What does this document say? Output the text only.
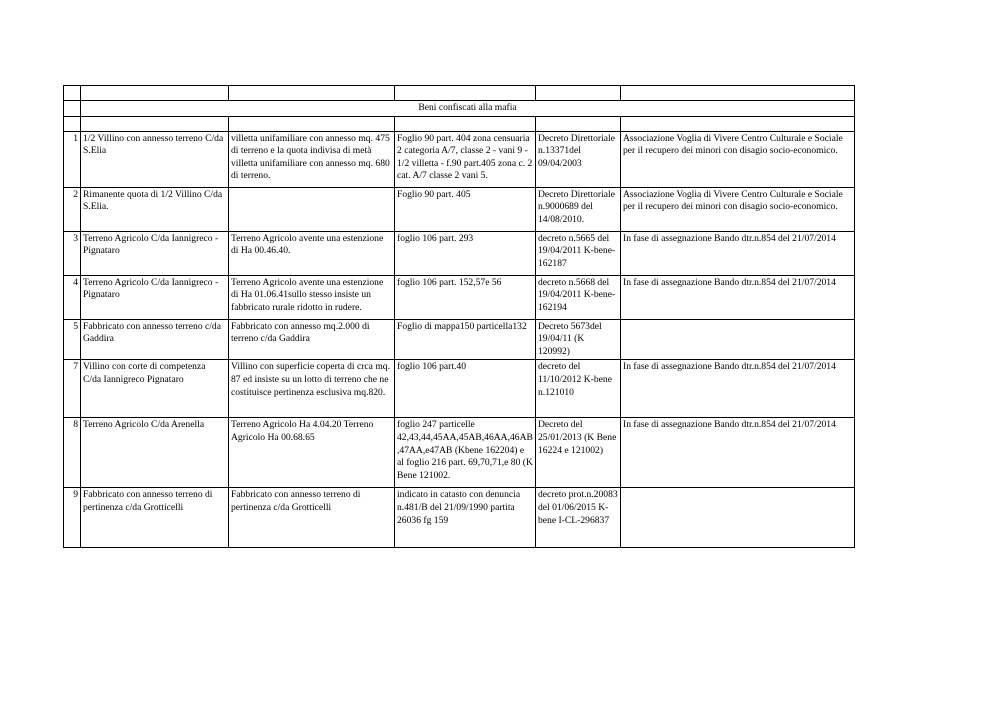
	Beni confiscati alla mafia				

1	1/2 Villino con annesso terreno C/da S.Elia	villetta unifamiliare con annesso mq. 475 di terreno e la quota indivisa di metà villetta unifamiliare con annesso mq. 680 di terreno.	Foglio 90 part. 404 zona censuaria 2 categoria A/7, classe 2 - vani 9 - 1/2 villetta - f.90 part.405 zona c. 2 cat. A/7 classe 2 vani 5.	Decreto Direttoriale n.13371del 09/04/2003	Associazione Voglia di Vivere Centro Culturale e Sociale per il recupero dei minori con disagio socio-economico.
2	Rimanente quota di 1/2 Villino C/da S.Elia.		Foglio 90 part. 405	Decreto Direttoriale n.9000689 del 14/08/2010.	Associazione Voglia di Vivere Centro Culturale e Sociale per il recupero dei minori con disagio socio-economico.
3	Terreno Agricolo C/da Iannigreco - Pignataro	Terreno Agricolo avente una estenzione di Ha 00.46.40.	foglio 106 part. 293	decreto n.5665 del 19/04/2011 K-bene-162187	In fase di assegnazione Bando dtr.n.854 del 21/07/2014
4	Terreno Agricolo C/da Iannigreco - Pignataro	Terreno Agricolo avente una estenzione di Ha 01.06.41sullo stesso insiste un fabbricato rurale ridotto in rudere.	foglio 106 part. 152,57e 56	decreto n.5668 del 19/04/2011 K-bene-162194	In fase di assegnazione Bando dtr.n.854 del 21/07/2014
5	Fabbricato con annesso terreno c/da Gaddira	Fabbricato con annesso mq.2.000 di terreno c/da Gaddira	Foglio di mappa150 particella132	Decreto 5673del 19/04/11 (K 120992)	
7	Villino con corte di competenza C/da Iannigreco Pignataro	Villino con superficie coperta di crca mq. 87 ed insiste su un lotto di terreno che ne costituisce pertinenza esclusiva mq.820.	foglio 106 part.40	decreto del 11/10/2012 K-bene n.121010	In fase di assegnazione Bando dtr.n.854 del 21/07/2014
8	Terreno Agricolo C/da Arenella	Terreno Agricolo Ha 4.04.20 Terreno Agricolo Ha 00.68.65	foglio 247 particelle 42,43,44,45AA,45AB,46AA,46AB ,47AA,e47AB (Kbene 162204) e al foglio 216 part. 69,70,71,e 80 (K Bene 121002.	Decreto del 25/01/2013 (K Bene 16224 e 121002)	In fase di assegnazione Bando dtr.n.854 del 21/07/2014
9	Fabbricato con annesso terreno di pertinenza c/da Grotticelli	Fabbricato con annesso terreno di pertinenza c/da Grotticelli	indicato in catasto con denuncia n.481/B del 21/09/1990 partita 26036 fg 159	decreto prot.n.20083 del 01/06/2015 K-bene I-CL-296837	
